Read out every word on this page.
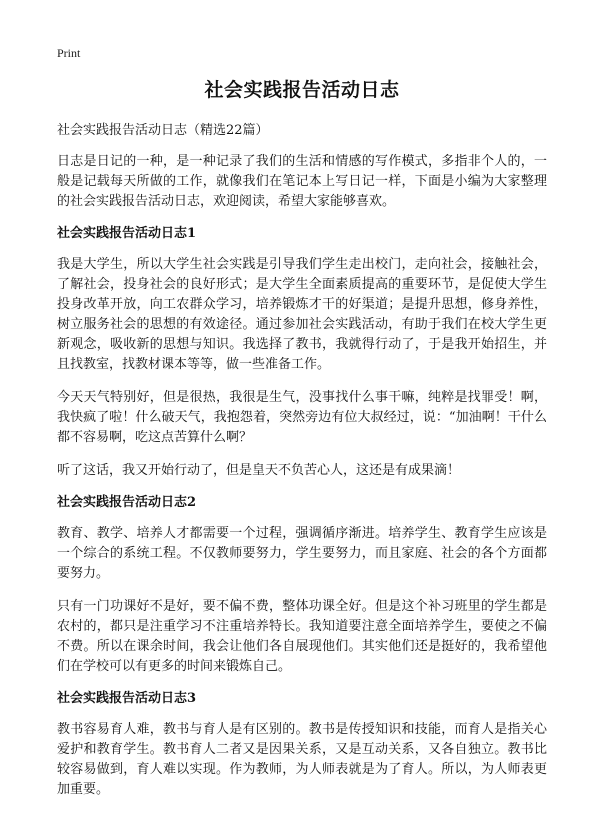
Print
社会实践报告活动日志

社会实践报告活动日志（精选22篇）

日志是日记的一种，是一种记录了我们的生活和情感的写作模式，多指非个人的，一般是记载每天所做的工作，就像我们在笔记本上写日记一样，下面是小编为大家整理的社会实践报告活动日志，欢迎阅读，希望大家能够喜欢。

社会实践报告活动日志1

我是大学生，所以大学生社会实践是引导我们学生走出校门，走向社会，接触社会，了解社会，投身社会的良好形式；是大学生全面素质提高的重要环节，是促使大学生投身改革开放，向工农群众学习，培养锻炼才干的好渠道；是提升思想，修身养性，树立服务社会的思想的有效途径。通过参加社会实践活动，有助于我们在校大学生更新观念，吸收新的思想与知识。我选择了教书，我就得行动了，于是我开始招生，并且找教室，找教材课本等等，做一些准备工作。

今天天气特别好，但是很热，我很是生气，没事找什么事干嘛，纯粹是找罪受！啊，我快疯了啦！什么破天气，我抱怨着，突然旁边有位大叔经过，说：“加油啊！干什么都不容易啊，吃这点苦算什么啊？

听了这话，我又开始行动了，但是皇天不负苦心人，这还是有成果滴！

社会实践报告活动日志2

教育、教学、培养人才都需要一个过程，强调循序渐进。培养学生、教育学生应该是一个综合的系统工程。不仅教师要努力，学生要努力，而且家庭、社会的各个方面都要努力。

只有一门功课好不是好，要不偏不费，整体功课全好。但是这个补习班里的学生都是农村的，都只是注重学习不注重培养特长。我知道要注意全面培养学生，要使之不偏不费。所以在课余时间，我会让他们各自展现他们。其实他们还是挺好的，我希望他们在学校可以有更多的时间来锻炼自己。

社会实践报告活动日志3

教书容易育人难，教书与育人是有区别的。教书是传授知识和技能，而育人是指关心爱护和教育学生。教书育人二者又是因果关系，又是互动关系，又各自独立。教书比较容易做到，育人难以实现。作为教师，为人师表就是为了育人。所以，为人师表更加重要。
